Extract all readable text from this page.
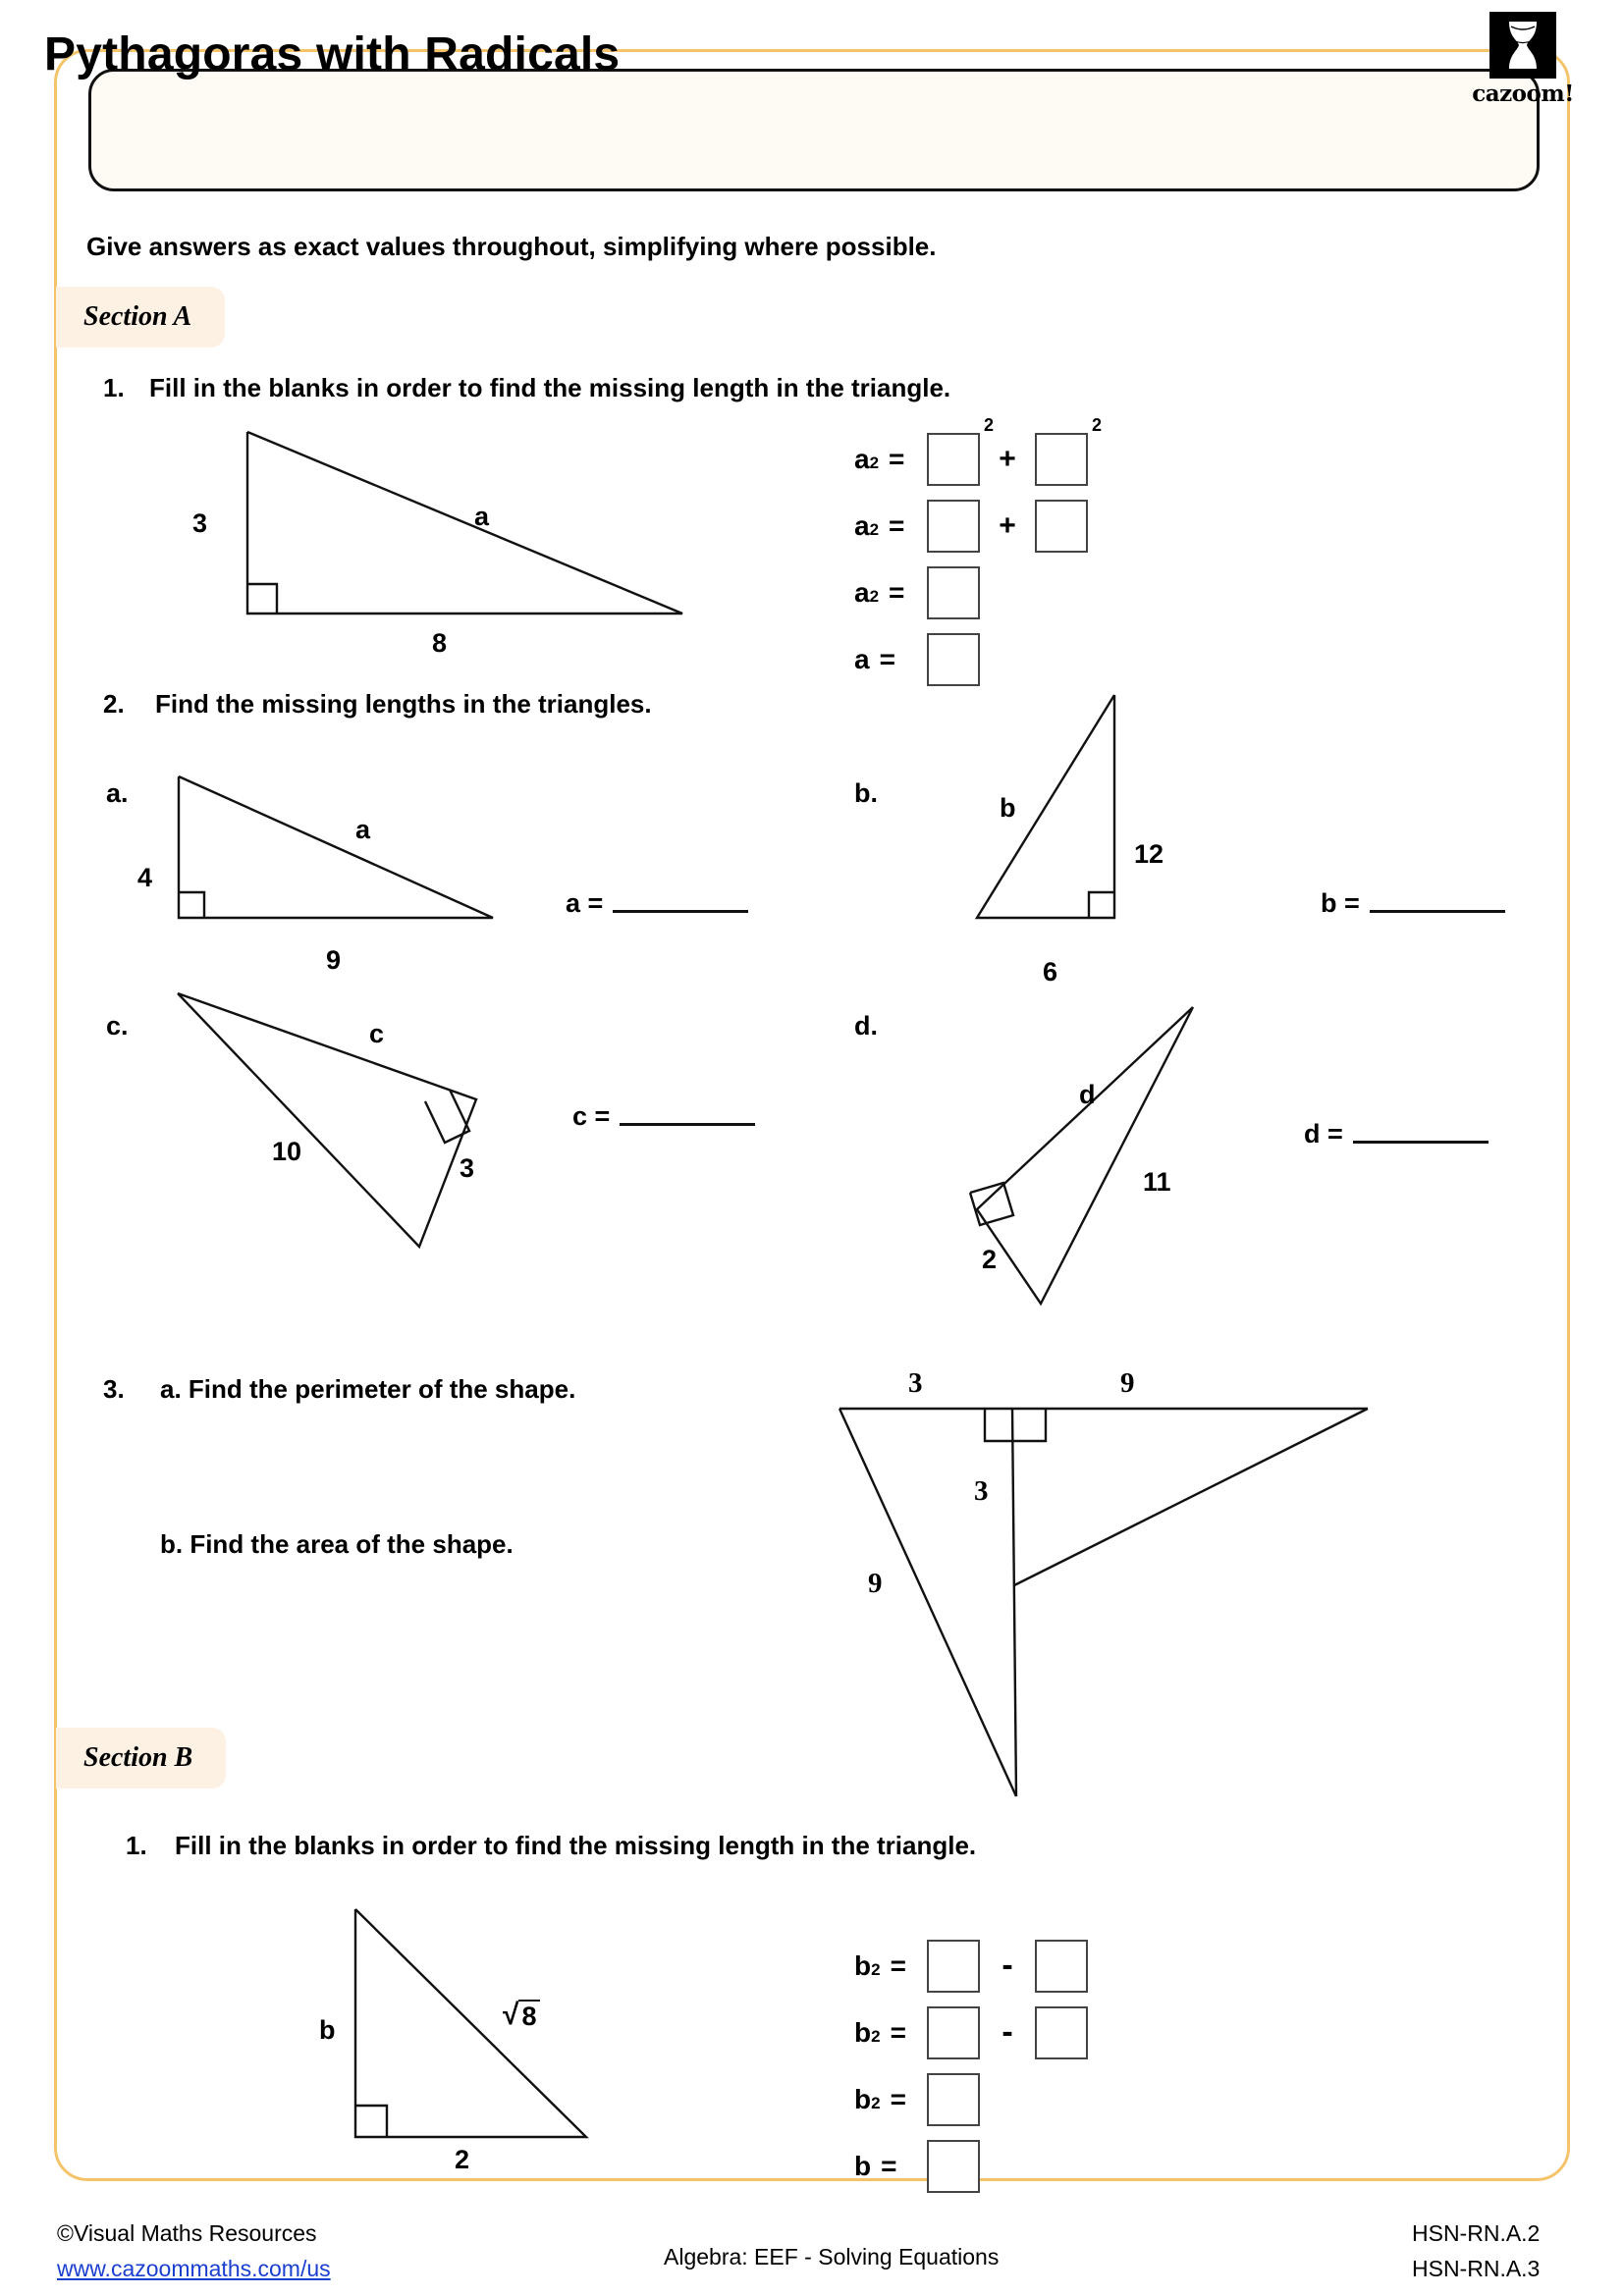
Pythagoras with Radicals
cazoom!
Give answers as exact values throughout, simplifying where possible.
Section A
1. Fill in the blanks in order to find the missing length in the triangle.
3
8
a
a 2 = 2	+
2
a 2 =	+
a 2 =
a =
2. Find the missing lengths in the triangles.
a.
4
9
a
a =
b.	b
12
6
b =
c.	c
10
3
c =
d.
d
11
2
d =
3. a. Find the perimeter of the shape.
b. Find the area of the shape.
3	9
3
9
Section B
1. Fill in the blanks in order to find the missing length in the triangle.
b
2
√ 8
b 2 =	-
b 2 =	-
b 2 =
b =
©Visual Maths Resources
www.cazoommaths.com/us	Algebra: EEF - Solving Equations
HSN-RN.A.2
HSN-RN.A.3
